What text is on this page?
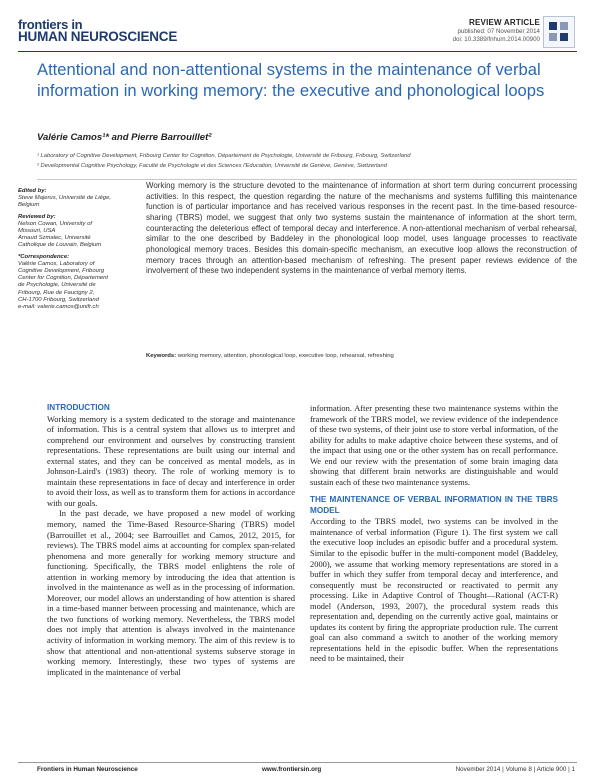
frontiers in
HUMAN NEUROSCIENCE
REVIEW ARTICLE
published: 07 November 2014
doi: 10.3389/fnhum.2014.00900
Attentional and non-attentional systems in the maintenance of verbal information in working memory: the executive and phonological loops
Valérie Camos¹* and Pierre Barrouillet²
¹ Laboratory of Cognitive Development, Fribourg Center for Cognition, Département de Psychologie, Université de Fribourg, Fribourg, Switzerland
² Developmental Cognitive Psychology, Faculté de Psychologie et des Sciences l'Education, Université de Genève, Genève, Switzerland
Edited by:
Steve Majerus, Université de Liège,
Belgium
Reviewed by:
Nelson Cowan, University of
Missouri, USA
Arnaud Szmalec, Université
Catholique de Louvain, Belgium
*Correspondence:
Valérie Camos, Laboratory of
Cognitive Development, Fribourg
Center for Cognition, Département
de Psychologie, Université de
Fribourg, Rue de Faucigny 2,
CH-1700 Fribourg, Switzerland
e-mail: valerie.camos@unifr.ch
Working memory is the structure devoted to the maintenance of information at short term during concurrent processing activities. In this respect, the question regarding the nature of the mechanisms and systems fulfilling this maintenance function is of particular importance and has received various responses in the recent past. In the time-based resource-sharing (TBRS) model, we suggest that only two systems sustain the maintenance of information at the short term, counteracting the deleterious effect of temporal decay and interference. A non-attentional mechanism of verbal rehearsal, similar to the one described by Baddeley in the phonological loop model, uses language processes to reactivate phonological memory traces. Besides this domain-specific mechanism, an executive loop allows the reconstruction of memory traces through an attention-based mechanism of refreshing. The present paper reviews evidence of the involvement of these two independent systems in the maintenance of verbal memory items.
Keywords: working memory, attention, phonological loop, executive loop, rehearsal, refreshing
INTRODUCTION

Working memory is a system dedicated to the storage and maintenance of information. This is a central system that allows us to interpret and comprehend our environment and ourselves by constructing transient representations. These representations are built using our internal and external states, and they can be conceived as mental models, as in Johnson-Laird's (1983) theory. The role of working memory is to maintain these representations in face of decay and interference in order to avoid their loss, as well as to transform them for actions in accordance with our goals.

In the past decade, we have proposed a new model of working memory, named the Time-Based Resource-Sharing (TBRS) model (Barrouillet et al., 2004; see Barrouillet and Camos, 2012, 2015, for reviews). The TBRS model aims at accounting for complex span-related phenomena and more generally for working memory structure and functioning. Specifically, the TBRS model enlightens the role of attention in working memory by introducing the idea that attention is involved in the maintenance as well as in the processing of information. Moreover, our model allows an understanding of how attention is shared in a time-based manner between processing and maintenance, which are the two functions of working memory. Nevertheless, the TBRS model does not imply that attention is always involved in the maintenance activity of information in working memory. The aim of this review is to show that attentional and non-attentional systems subserve storage in working memory. Interestingly, these two types of systems are implicated in the maintenance of verbal

information. After presenting these two maintenance systems within the framework of the TBRS model, we review evidence of the independence of these two systems, of their joint use to store verbal information, of the ability for adults to make adaptive choice between these systems, and of the impact that using one or the other system has on recall performance. We end our review with the presentation of some brain imaging data showing that different brain networks are distinguishable and would sustain each of these two maintenance systems.

THE MAINTENANCE OF VERBAL INFORMATION IN THE TBRS MODEL

According to the TBRS model, two systems can be involved in the maintenance of verbal information (Figure 1). The first system we call the executive loop includes an episodic buffer and a procedural system. Similar to the episodic buffer in the multi-component model (Baddeley, 2000), we assume that working memory representations are stored in a buffer in which they suffer from temporal decay and interference, and consequently must be reconstructed or reactivated to permit any processing. Like in Adaptive Control of Thought—Rational (ACT-R) model (Anderson, 1993, 2007), the procedural system reads this representation and, depending on the currently active goal, maintains or updates its content by firing the appropriate production rule. The current goal can also command a switch to another of the working memory representations held in the episodic buffer. When the representations need to be maintained, their

Frontiers in Human Neuroscience	www.frontiersin.org	November 2014 | Volume 8 | Article 900 | 1
